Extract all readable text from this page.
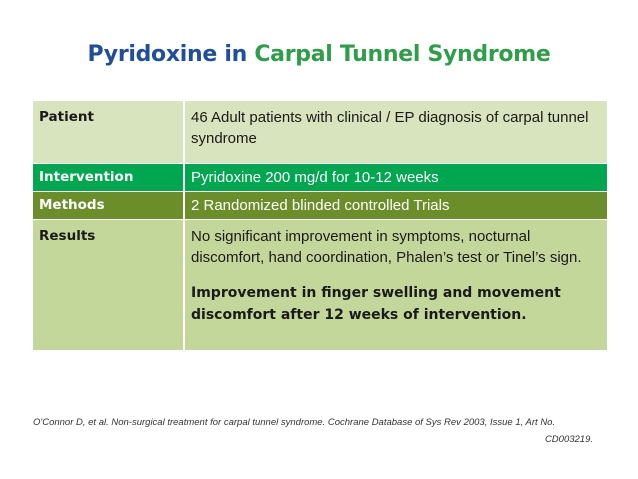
Pyridoxine in Carpal Tunnel Syndrome
Patient	46 Adult patients with clinical / EP diagnosis of carpal tunnel syndrome
Intervention	Pyridoxine 200 mg/d for 10-12 weeks
Methods	2 Randomized blinded controlled Trials
Results	No significant improvement in symptoms, nocturnal discomfort, hand coordination, Phalen’s test or Tinel’s sign.
Improvement in finger swelling and movement discomfort after 12 weeks of intervention.
O'Connor D, et al. Non-surgical treatment for carpal tunnel syndrome. Cochrane Database of Sys Rev 2003, Issue 1, Art No.
CD003219.
